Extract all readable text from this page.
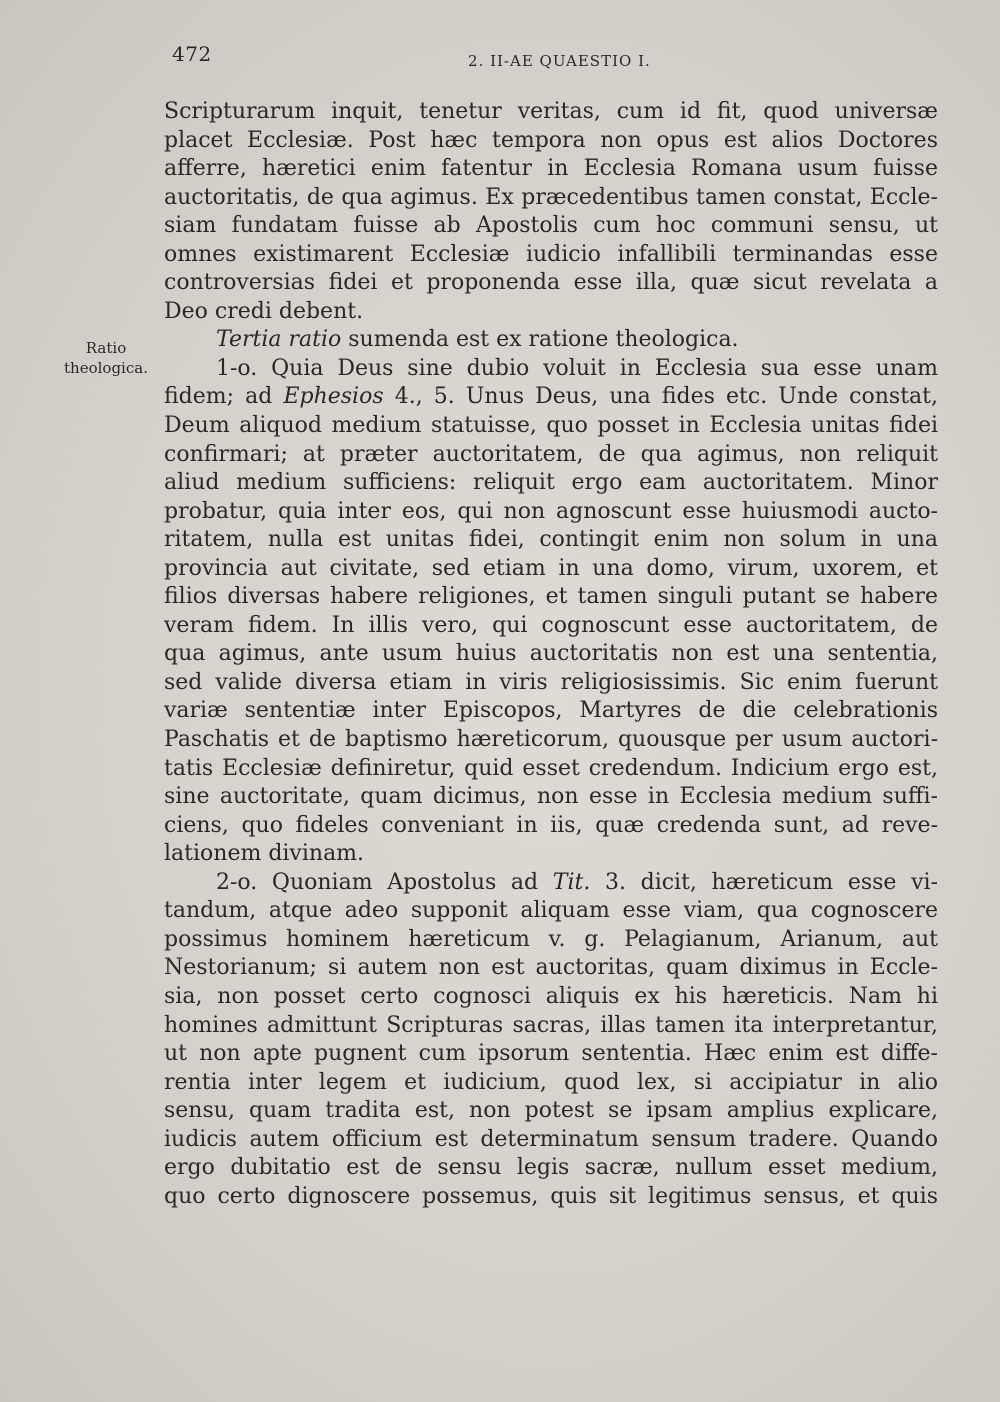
472	2. II-AE QUAESTIO I.
Ratio
theologica.
Scripturarum inquit, tenetur veritas, cum id fit, quod universæ
placet Ecclesiæ. Post hæc tempora non opus est alios Doctores
afferre, hæretici enim fatentur in Ecclesia Romana usum fuisse
auctoritatis, de qua agimus. Ex præcedentibus tamen constat, Eccle-
siam fundatam fuisse ab Apostolis cum hoc communi sensu, ut
omnes existimarent Ecclesiæ iudicio infallibili terminandas esse
controversias fidei et proponenda esse illa, quæ sicut revelata a
Deo credi debent.
Tertia ratio sumenda est ex ratione theologica.
1-o. Quia Deus sine dubio voluit in Ecclesia sua esse unam
fidem; ad Ephesios 4., 5. Unus Deus, una fides etc. Unde constat,
Deum aliquod medium statuisse, quo posset in Ecclesia unitas fidei
confirmari; at præter auctoritatem, de qua agimus, non reliquit
aliud medium sufficiens: reliquit ergo eam auctoritatem. Minor
probatur, quia inter eos, qui non agnoscunt esse huiusmodi aucto-
ritatem, nulla est unitas fidei, contingit enim non solum in una
provincia aut civitate, sed etiam in una domo, virum, uxorem, et
filios diversas habere religiones, et tamen singuli putant se habere
veram fidem. In illis vero, qui cognoscunt esse auctoritatem, de
qua agimus, ante usum huius auctoritatis non est una sententia,
sed valide diversa etiam in viris religiosissimis. Sic enim fuerunt
variæ sententiæ inter Episcopos, Martyres de die celebrationis
Paschatis et de baptismo hæreticorum, quousque per usum auctori-
tatis Ecclesiæ definiretur, quid esset credendum. Indicium ergo est,
sine auctoritate, quam dicimus, non esse in Ecclesia medium suffi-
ciens, quo fideles conveniant in iis, quæ credenda sunt, ad reve-
lationem divinam.
2-o. Quoniam Apostolus ad Tit. 3. dicit, hæreticum esse vi-
tandum, atque adeo supponit aliquam esse viam, qua cognoscere
possimus hominem hæreticum v. g. Pelagianum, Arianum, aut
Nestorianum; si autem non est auctoritas, quam diximus in Eccle-
sia, non posset certo cognosci aliquis ex his hæreticis. Nam hi
homines admittunt Scripturas sacras, illas tamen ita interpretantur,
ut non apte pugnent cum ipsorum sententia. Hæc enim est diffe-
rentia inter legem et iudicium, quod lex, si accipiatur in alio
sensu, quam tradita est, non potest se ipsam amplius explicare,
iudicis autem officium est determinatum sensum tradere. Quando
ergo dubitatio est de sensu legis sacræ, nullum esset medium,
quo certo dignoscere possemus, quis sit legitimus sensus, et quis
